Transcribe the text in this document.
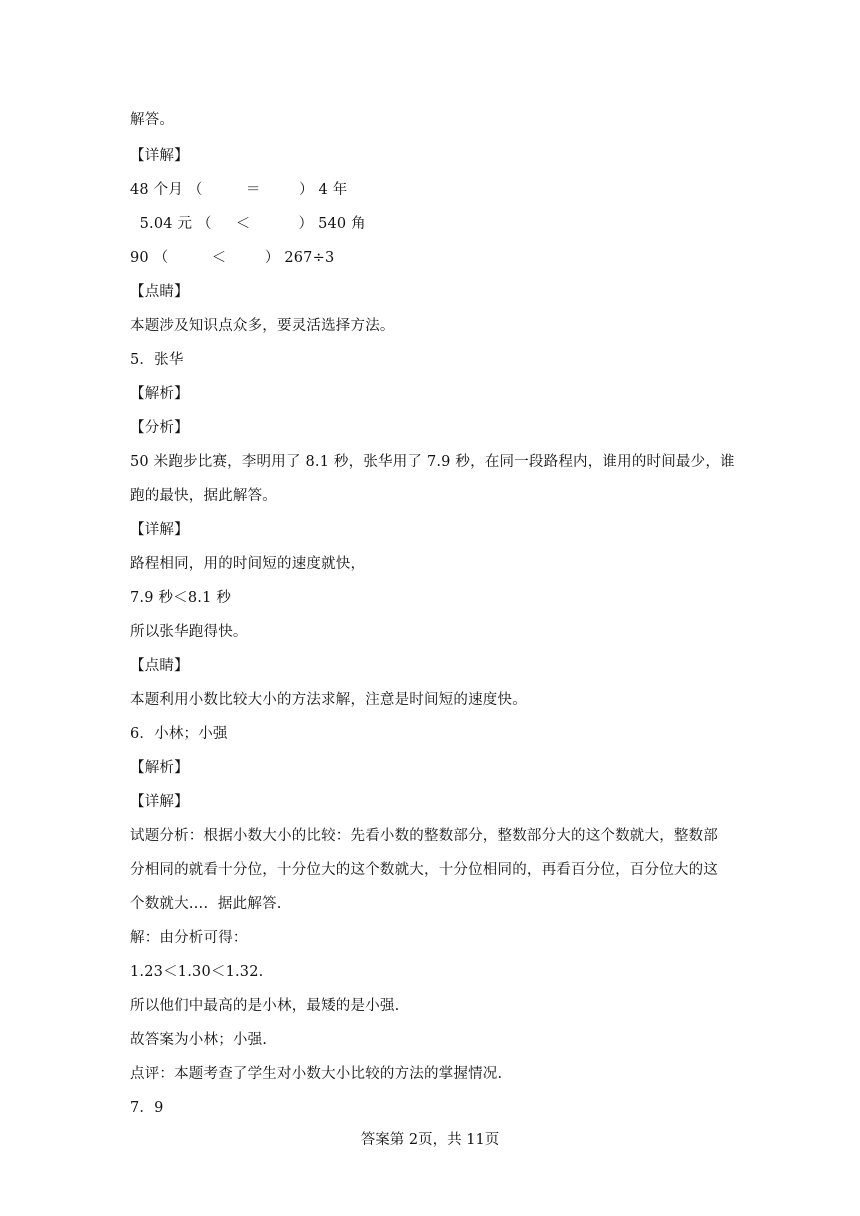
解答。
【详解】
48 个月 （         ＝        ） 4 年
5.04 元 （     ＜          ） 540 角
90 （         ＜        ） 267÷3
【点睛】
本题涉及知识点众多，要灵活选择方法。
5．张华
【解析】
【分析】
50 米跑步比赛，李明用了 8.1 秒，张华用了 7.9 秒，在同一段路程内，谁用的时间最少，谁
跑的最快，据此解答。
【详解】
路程相同，用的时间短的速度就快，
7.9 秒＜8.1 秒
所以张华跑得快。
【点睛】
本题利用小数比较大小的方法求解，注意是时间短的速度快。
6．小林；小强
【解析】
【详解】
试题分析：根据小数大小的比较：先看小数的整数部分，整数部分大的这个数就大，整数部
分相同的就看十分位，十分位大的这个数就大，十分位相同的，再看百分位，百分位大的这
个数就大….  据此解答.
解：由分析可得：
1.23＜1.30＜1.32.
所以他们中最高的是小林，最矮的是小强.
故答案为小林；小强.
点评：本题考查了学生对小数大小比较的方法的掌握情况.
7．9
答案第 2页，共 11页
